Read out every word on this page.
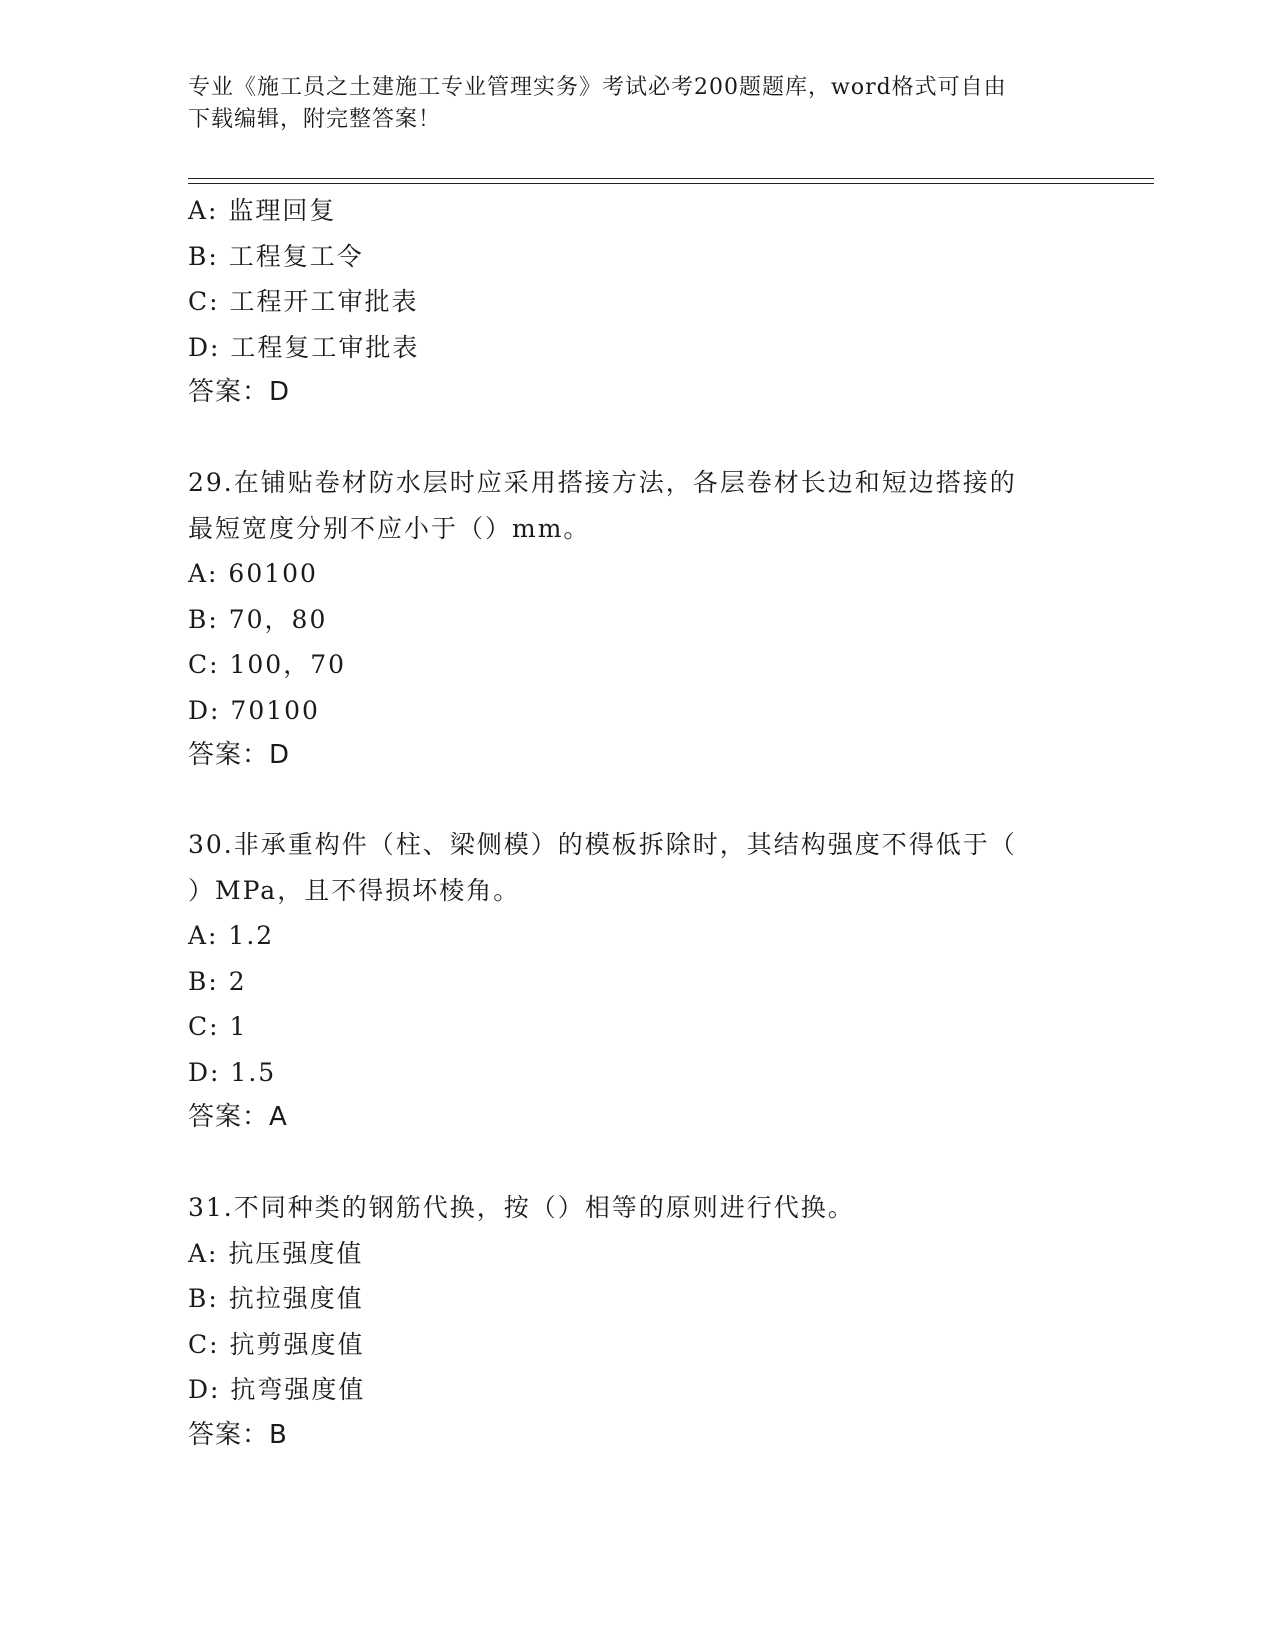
专业《施工员之土建施工专业管理实务》考试必考200题题库，word格式可自由
下载编辑，附完整答案！
A: 监理回复
B: 工程复工令
C: 工程开工审批表
D: 工程复工审批表
答案：D
29.在铺贴卷材防水层时应采用搭接方法，各层卷材长边和短边搭接的
最短宽度分别不应小于（）mm。
A: 60100
B: 70，80
C: 100，70
D: 70100
答案：D
30.非承重构件（柱、梁侧模）的模板拆除时，其结构强度不得低于（
）MPa，且不得损坏棱角。
A: 1.2
B: 2
C: 1
D: 1.5
答案：A
31.不同种类的钢筋代换，按（）相等的原则进行代换。
A: 抗压强度值
B: 抗拉强度值
C: 抗剪强度值
D: 抗弯强度值
答案：B
